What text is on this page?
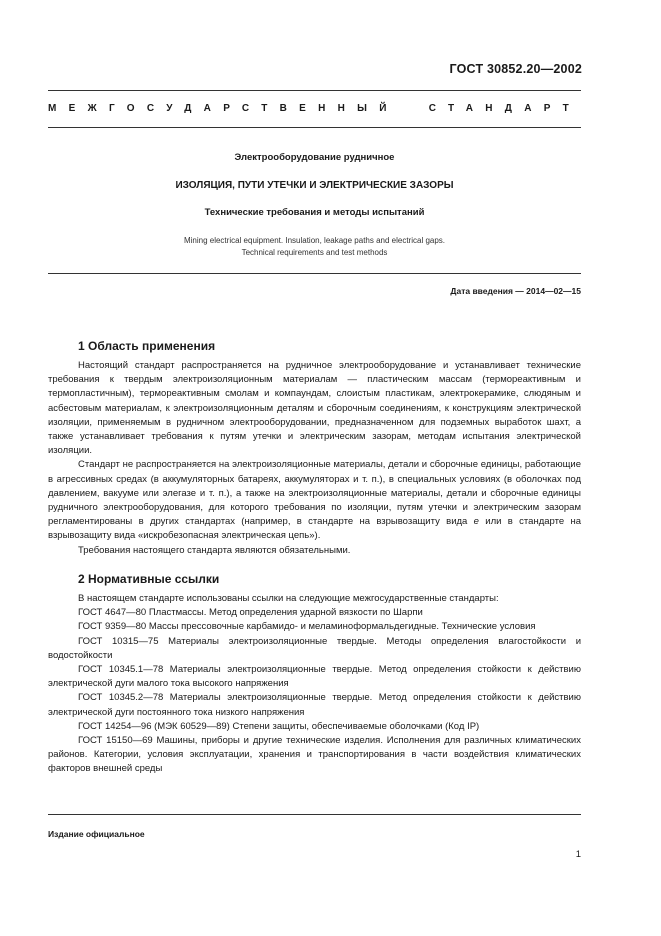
ГОСТ 30852.20—2002
МЕЖГОСУДАРСТВЕННЫЙ	СТАНДАРТ
Электрооборудование рудничное
ИЗОЛЯЦИЯ, ПУТИ УТЕЧКИ И ЭЛЕКТРИЧЕСКИЕ ЗАЗОРЫ
Технические требования и методы испытаний
Mining electrical equipment. Insulation, leakage paths and electrical gaps.
Technical requirements and test methods
Дата введения — 2014—02—15
1 Область применения

Настоящий стандарт распространяется на рудничное электрооборудование и устанавливает технические требования к твердым электроизоляционным материалам — пластическим массам (термореактивным и термопластичным), термореактивным смолам и компаундам, слоистым пластикам, электрокерамике, слюдяным и асбестовым материалам, к электроизоляционным деталям и сборочным соединениям, к конструкциям электрической изоляции, применяемым в рудничном электрооборудовании, предназначенном для подземных выработок шахт, а также устанавливает требования к путям утечки и электрическим зазорам, методам испытания электрической изоляции.

Стандарт не распространяется на электроизоляционные материалы, детали и сборочные единицы, работающие в агрессивных средах (в аккумуляторных батареях, аккумуляторах и т. п.), в специальных условиях (в оболочках под давлением, вакууме или элегазе и т. п.), а также на электроизоляционные материалы, детали и сборочные единицы рудничного электрооборудования, для которого требования по изоляции, путям утечки и электрическим зазорам регламентированы в других стандартах (например, в стандарте на взрывозащиту вида e или в стандарте на взрывозащиту вида «искробезопасная электрическая цепь»).

Требования настоящего стандарта являются обязательными.

2 Нормативные ссылки

В настоящем стандарте использованы ссылки на следующие межгосударственные стандарты:

ГОСТ 4647—80 Пластмассы. Метод определения ударной вязкости по Шарпи

ГОСТ 9359—80 Массы прессовочные карбамидо- и меламиноформальдегидные. Технические условия

ГОСТ 10315—75 Материалы электроизоляционные твердые. Методы определения влагостойкости и водостойкости

ГОСТ 10345.1—78 Материалы электроизоляционные твердые. Метод определения стойкости к действию электрической дуги малого тока высокого напряжения

ГОСТ 10345.2—78 Материалы электроизоляционные твердые. Метод определения стойкости к действию электрической дуги постоянного тока низкого напряжения

ГОСТ 14254—96 (МЭК 60529—89) Степени защиты, обеспечиваемые оболочками (Код IP)

ГОСТ 15150—69 Машины, приборы и другие технические изделия. Исполнения для различных климатических районов. Категории, условия эксплуатации, хранения и транспортирования в части воздействия климатических факторов внешней среды

Издание официальное
1
